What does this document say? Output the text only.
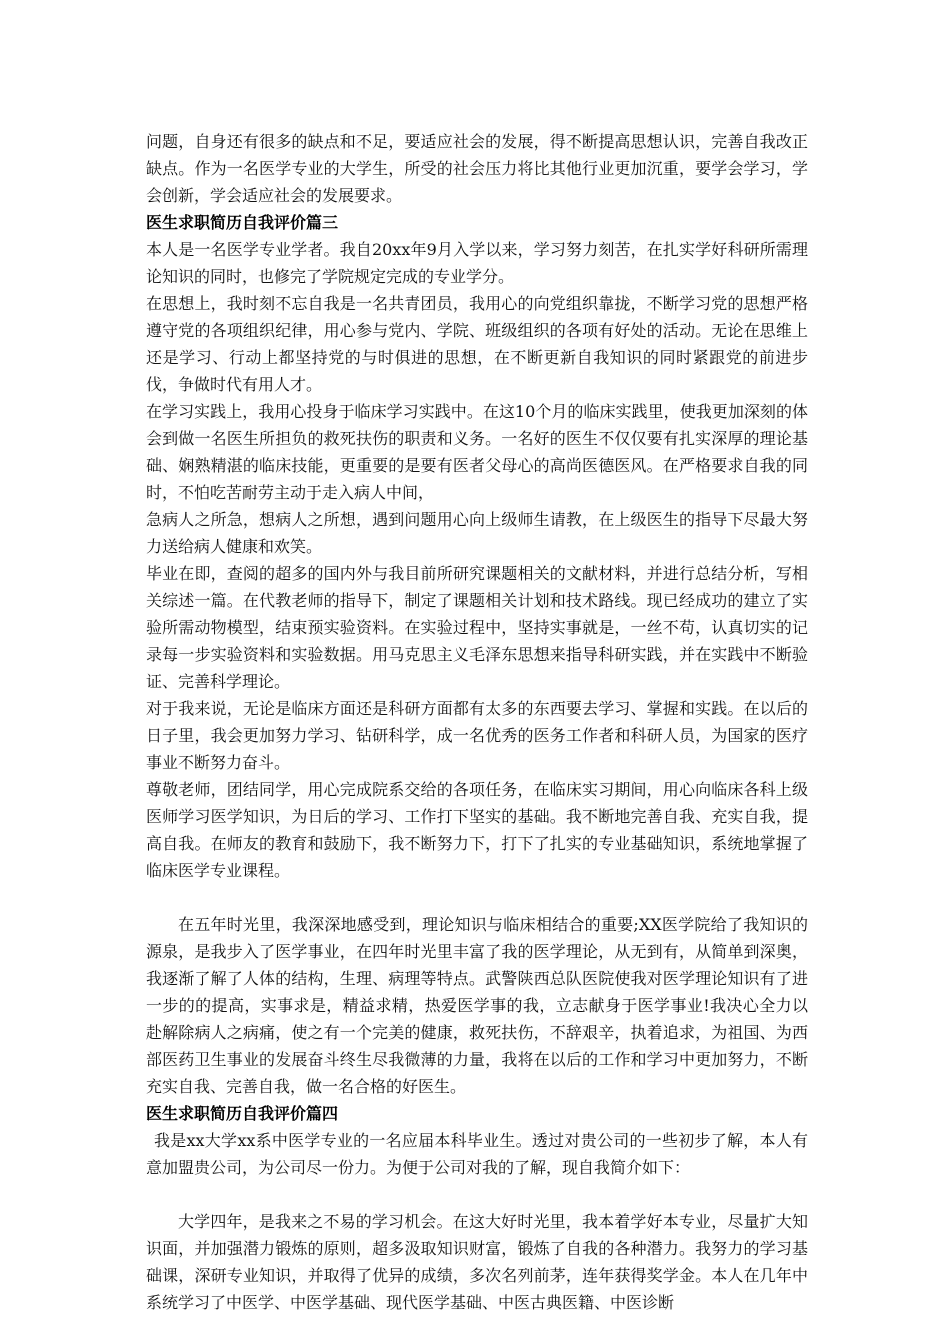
问题，自身还有很多的缺点和不足，要适应社会的发展，得不断提高思想认识，完善自我改正缺点。作为一名医学专业的大学生，所受的社会压力将比其他行业更加沉重，要学会学习，学会创新，学会适应社会的发展要求。

医生求职简历自我评价篇三

本人是一名医学专业学者。我自20xx年9月入学以来，学习努力刻苦，在扎实学好科研所需理论知识的同时，也修完了学院规定完成的专业学分。

在思想上，我时刻不忘自我是一名共青团员，我用心的向党组织靠拢，不断学习党的思想严格遵守党的各项组织纪律，用心参与党内、学院、班级组织的各项有好处的活动。无论在思维上还是学习、行动上都坚持党的与时俱进的思想，在不断更新自我知识的同时紧跟党的前进步伐，争做时代有用人才。

在学习实践上，我用心投身于临床学习实践中。在这10个月的临床实践里，使我更加深刻的体会到做一名医生所担负的救死扶伤的职责和义务。一名好的医生不仅仅要有扎实深厚的理论基础、娴熟精湛的临床技能，更重要的是要有医者父母心的高尚医德医风。在严格要求自我的同时，不怕吃苦耐劳主动于走入病人中间，

急病人之所急，想病人之所想，遇到问题用心向上级师生请教，在上级医生的指导下尽最大努力送给病人健康和欢笑。

毕业在即，查阅的超多的国内外与我目前所研究课题相关的文献材料，并进行总结分析，写相关综述一篇。在代教老师的指导下，制定了课题相关计划和技术路线。现已经成功的建立了实验所需动物模型，结束预实验资料。在实验过程中，坚持实事就是，一丝不苟，认真切实的记录每一步实验资料和实验数据。用马克思主义毛泽东思想来指导科研实践，并在实践中不断验证、完善科学理论。

对于我来说，无论是临床方面还是科研方面都有太多的东西要去学习、掌握和实践。在以后的日子里，我会更加努力学习、钻研科学，成一名优秀的医务工作者和科研人员，为国家的医疗事业不断努力奋斗。

尊敬老师，团结同学，用心完成院系交给的各项任务，在临床实习期间，用心向临床各科上级医师学习医学知识，为日后的学习、工作打下坚实的基础。我不断地完善自我、充实自我，提高自我。在师友的教育和鼓励下，我不断努力下，打下了扎实的专业基础知识，系统地掌握了临床医学专业课程。

在五年时光里，我深深地感受到，理论知识与临床相结合的重要;XX医学院给了我知识的源泉，是我步入了医学事业，在四年时光里丰富了我的医学理论，从无到有，从简单到深奥，我逐渐了解了人体的结构，生理、病理等特点。武警陕西总队医院使我对医学理论知识有了进一步的的提高，实事求是，精益求精，热爱医学事的我，立志献身于医学事业!我决心全力以赴解除病人之病痛，使之有一个完美的健康，救死扶伤，不辞艰辛，执着追求，为祖国、为西部医药卫生事业的发展奋斗终生尽我微薄的力量，我将在以后的工作和学习中更加努力，不断充实自我、完善自我，做一名合格的好医生。

医生求职简历自我评价篇四

我是xx大学xx系中医学专业的一名应届本科毕业生。透过对贵公司的一些初步了解，本人有意加盟贵公司，为公司尽一份力。为便于公司对我的了解，现自我简介如下：

大学四年，是我来之不易的学习机会。在这大好时光里，我本着学好本专业，尽量扩大知识面，并加强潜力锻炼的原则，超多汲取知识财富，锻炼了自我的各种潜力。我努力的学习基础课，深研专业知识，并取得了优异的成绩，多次名列前茅，连年获得奖学金。本人在几年中系统学习了中医学、中医学基础、现代医学基础、中医古典医籍、中医诊断
